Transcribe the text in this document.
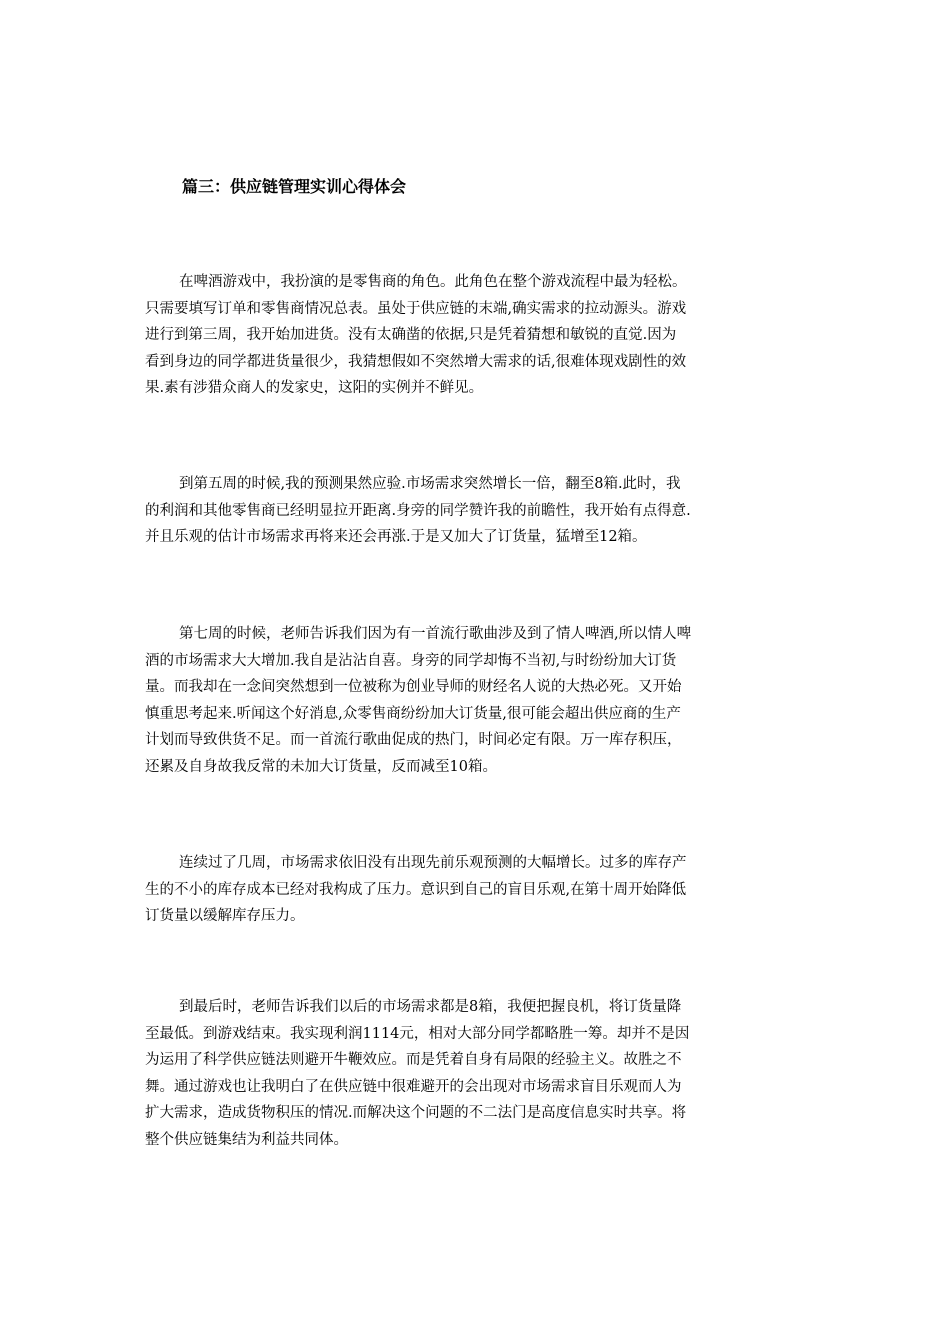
篇三：供应链管理实训心得体会
在啤酒游戏中，我扮演的是零售商的角色。此角色在整个游戏流程中最为轻松。
只需要填写订单和零售商情况总表。虽处于供应链的末端,确实需求的拉动源头。游戏
进行到第三周，我开始加进货。没有太确凿的依据,只是凭着猜想和敏锐的直觉.因为
看到身边的同学都进货量很少，我猜想假如不突然增大需求的话,很难体现戏剧性的效
果.素有涉猎众商人的发家史，这阳的实例并不鲜见。
到第五周的时候,我的预测果然应验.市场需求突然增长一倍，翻至8箱.此时，我
的利润和其他零售商已经明显拉开距离.身旁的同学赞许我的前瞻性，我开始有点得意.
并且乐观的估计市场需求再将来还会再涨.于是又加大了订货量，猛增至12箱。
第七周的时候，老师告诉我们因为有一首流行歌曲涉及到了情人啤酒,所以情人啤
酒的市场需求大大增加.我自是沾沾自喜。身旁的同学却悔不当初,与时纷纷加大订货
量。而我却在一念间突然想到一位被称为创业导师的财经名人说的大热必死。又开始
慎重思考起来.听闻这个好消息,众零售商纷纷加大订货量,很可能会超出供应商的生产
计划而导致供货不足。而一首流行歌曲促成的热门，时间必定有限。万一库存积压，
还累及自身故我反常的未加大订货量，反而减至10箱。
连续过了几周，市场需求依旧没有出现先前乐观预测的大幅增长。过多的库存产
生的不小的库存成本已经对我构成了压力。意识到自己的盲目乐观,在第十周开始降低
订货量以缓解库存压力。
到最后时，老师告诉我们以后的市场需求都是8箱，我便把握良机，将订货量降
至最低。到游戏结束。我实现利润1114元，相对大部分同学都略胜一筹。却并不是因
为运用了科学供应链法则避开牛鞭效应。而是凭着自身有局限的经验主义。故胜之不
舞。通过游戏也让我明白了在供应链中很难避开的会出现对市场需求盲目乐观而人为
扩大需求，造成货物积压的情况.而解决这个问题的不二法门是高度信息实时共享。将
整个供应链集结为利益共同体。
